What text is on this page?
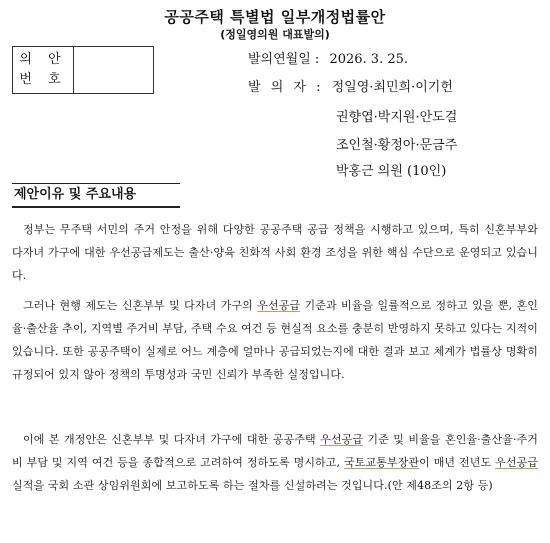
공공주택 특별법 일부개정법률안
(정일영의원 대표발의)
의 안
번 호
발의연월일 : 2026. 3. 25.
발 의 자 : 정일영·최민희·이기헌
권향엽·박지원·안도걸
조인철·황정아·문금주
박홍근 의원 (10인)
제안이유 및 주요내용
정부는 무주택 서민의 주거 안정을 위해 다양한 공공주택 공급 정책을 시행하고 있으며, 특히 신혼부부와 다자녀 가구에 대한 우선공급제도는 출산·양육 친화적 사회 환경 조성을 위한 핵심 수단으로 운영되고 있습니다.
그러나 현행 제도는 신혼부부 및 다자녀 가구의 우선공급 기준과 비율을 일률적으로 정하고 있을 뿐, 혼인율·출산율 추이, 지역별 주거비 부담, 주택 수요 여건 등 현실적 요소를 충분히 반영하지 못하고 있다는 지적이 있습니다. 또한 공공주택이 실제로 어느 계층에 얼마나 공급되었는지에 대한 결과 보고 체계가 법률상 명확히 규정되어 있지 않아 정책의 투명성과 국민 신뢰가 부족한 실정입니다.
이에 본 개정안은 신혼부부 및 다자녀 가구에 대한 공공주택 우선공급 기준 및 비율을 혼인율·출산율·주거비 부담 및 지역 여건 등을 종합적으로 고려하여 정하도록 명시하고, 국토교통부장관이 매년 전년도 우선공급 실적을 국회 소관 상임위원회에 보고하도록 하는 절차를 신설하려는 것입니다.(안 제48조의 2항 등)
